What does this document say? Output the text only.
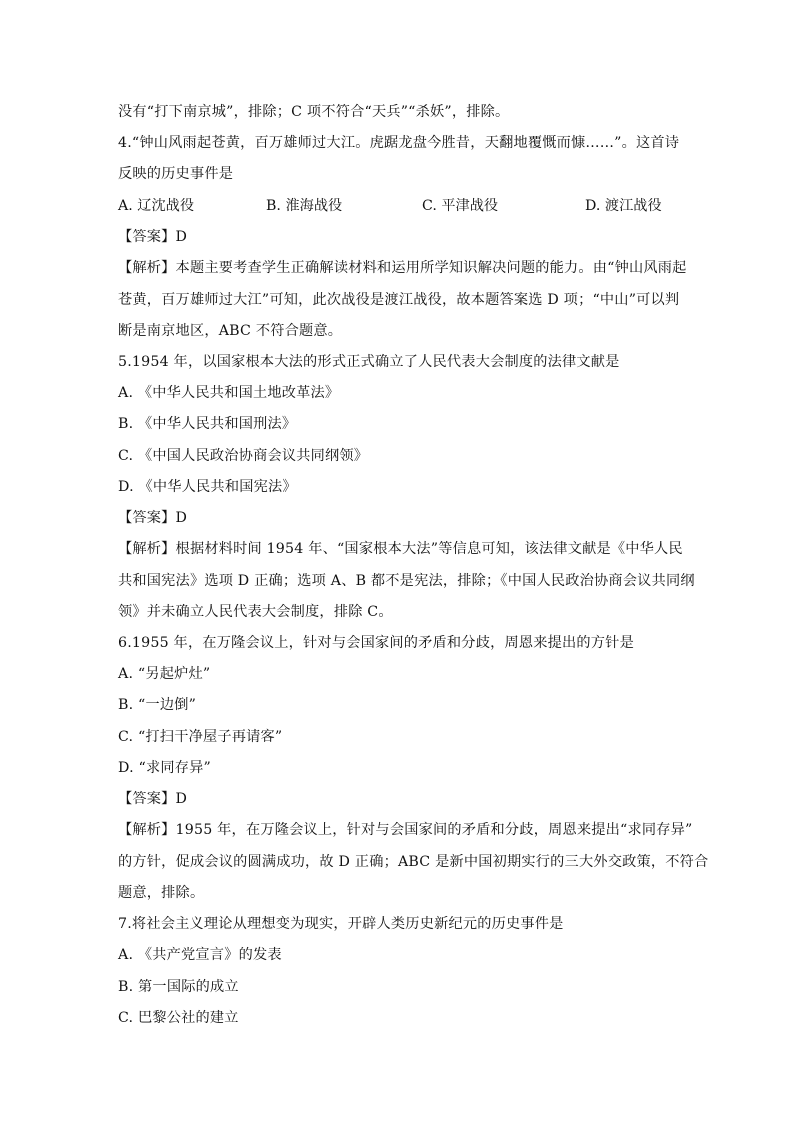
没有“打下南京城”，排除；C 项不符合“天兵”“杀妖”，排除。
4.“钟山风雨起苍黄，百万雄师过大江。虎踞龙盘今胜昔，天翻地覆慨而慷……”。这首诗
反映的历史事件是
A. 辽沈战役	B. 淮海战役	C. 平津战役	D. 渡江战役
【答案】D
【解析】本题主要考查学生正确解读材料和运用所学知识解决问题的能力。由“钟山风雨起
苍黄，百万雄师过大江”可知，此次战役是渡江战役，故本题答案选 D 项；“中山”可以判
断是南京地区，ABC 不符合题意。
5.1954 年，以国家根本大法的形式正式确立了人民代表大会制度的法律文献是
A. 《中华人民共和国土地改革法》
B. 《中华人民共和国刑法》
C. 《中国人民政治协商会议共同纲领》
D. 《中华人民共和国宪法》
【答案】D
【解析】根据材料时间 1954 年、“国家根本大法”等信息可知，该法律文献是《中华人民
共和国宪法》选项 D 正确；选项 A、B 都不是宪法，排除；《中国人民政治协商会议共同纲
领》并未确立人民代表大会制度，排除 C。
6.1955 年，在万隆会议上，针对与会国家间的矛盾和分歧，周恩来提出的方针是
A. “另起炉灶”
B. “一边倒”
C. “打扫干净屋子再请客”
D. “求同存异”
【答案】D
【解析】1955 年，在万隆会议上，针对与会国家间的矛盾和分歧，周恩来提出“求同存异”
的方针，促成会议的圆满成功，故 D 正确；ABC 是新中国初期实行的三大外交政策，不符合
题意，排除。
7.将社会主义理论从理想变为现实，开辟人类历史新纪元的历史事件是
A. 《共产党宣言》的发表
B. 第一国际的成立
C. 巴黎公社的建立
